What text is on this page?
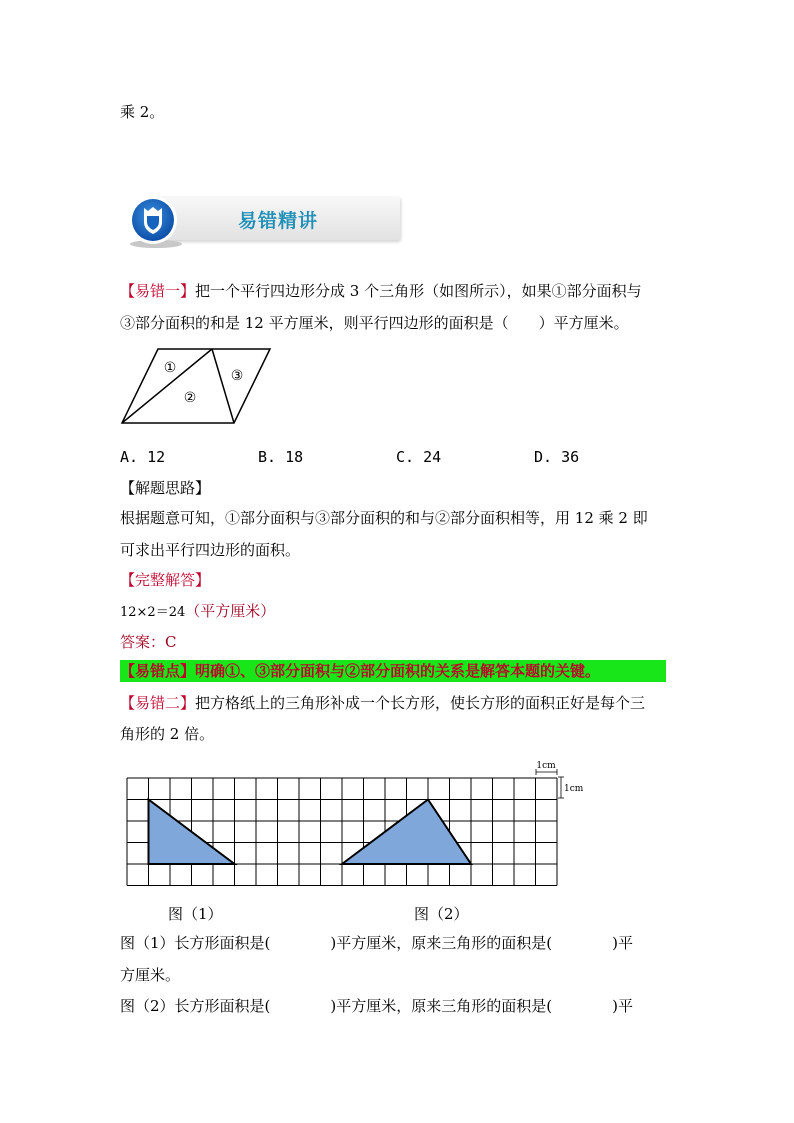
乘 2。
易错精讲
【易错一】把一个平行四边形分成 3 个三角形（如图所示），如果①部分面积与
③部分面积的和是 12 平方厘米，则平行四边形的面积是（　　）平方厘米。
①
②
③
A. 12	B. 18	C. 24	D. 36
【解题思路】
根据题意可知，①部分面积与③部分面积的和与②部分面积相等，用 12 乘 2 即
可求出平行四边形的面积。
【完整解答】
12×2＝24（平方厘米）
答案：C
【易错点】明确①、③部分面积与②部分面积的关系是解答本题的关键。
【易错二】把方格纸上的三角形补成一个长方形，使长方形的面积正好是每个三
角形的 2 倍。
1cm
1cm
图（1）	图（2）
图（1）长方形面积是(　　　　)平方厘米，原来三角形的面积是(　　　　)平
方厘米。
图（2）长方形面积是(　　　　)平方厘米，原来三角形的面积是(　　　　)平
